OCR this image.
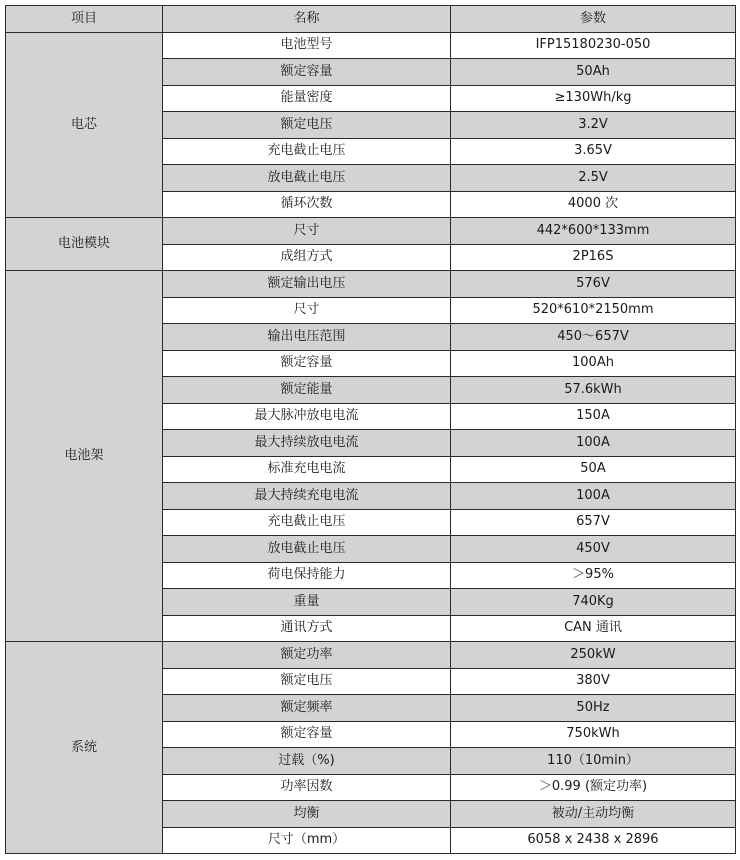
项目	名称	参数
电芯	电池型号	IFP15180230-050
	额定容量	50Ah
	能量密度	≥130Wh/kg
	额定电压	3.2V
	充电截止电压	3.65V
	放电截止电压	2.5V
	循环次数	4000 次
电池模块	尺寸	442*600*133mm
	成组方式	2P16S
电池架	额定输出电压	576V
	尺寸	520*610*2150mm
	输出电压范围	450～657V
	额定容量	100Ah
	额定能量	57.6kWh
	最大脉冲放电电流	150A
	最大持续放电电流	100A
	标准充电电流	50A
	最大持续充电电流	100A
	充电截止电压	657V
	放电截止电压	450V
	荷电保持能力	＞95%
	重量	740Kg
	通讯方式	CAN 通讯
系统	额定功率	250kW
	额定电压	380V
	额定频率	50Hz
	额定容量	750kWh
	过载（%)	110（10min）
	功率因数	＞0.99 (额定功率)
	均衡	被动/主动均衡
	尺寸（mm）	6058 x 2438 x 2896
